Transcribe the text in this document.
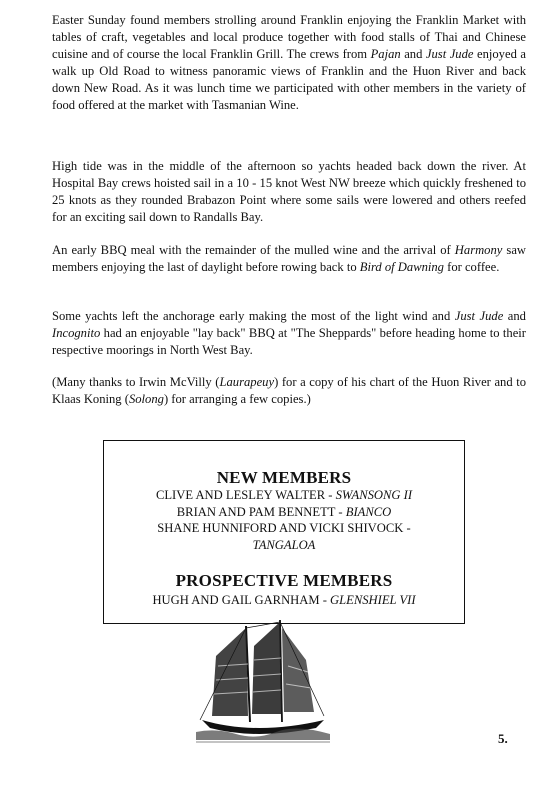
Easter Sunday found members strolling around Franklin enjoying the Franklin Market with tables of craft, vegetables and local produce together with food stalls of Thai and Chinese cuisine and of course the local Franklin Grill. The crews from Pajan and Just Jude enjoyed a walk up Old Road to witness panoramic views of Franklin and the Huon River and back down New Road. As it was lunch time we participated with other members in the variety of food offered at the market with Tasmanian Wine.

High tide was in the middle of the afternoon so yachts headed back down the river. At Hospital Bay crews hoisted sail in a 10 - 15 knot West NW breeze which quickly freshened to 25 knots as they rounded Brabazon Point where some sails were lowered and others reefed for an exciting sail down to Randalls Bay.

An early BBQ meal with the remainder of the mulled wine and the arrival of Harmony saw members enjoying the last of daylight before rowing back to Bird of Dawning for coffee.

Some yachts left the anchorage early making the most of the light wind and Just Jude and Incognito had an enjoyable "lay back" BBQ at "The Sheppards" before heading home to their respective moorings in North West Bay.

(Many thanks to Irwin McVilly (Laurapeuy) for a copy of his chart of the Huon River and to Klaas Koning (Solong) for arranging a few copies.)

NEW MEMBERS
CLIVE AND LESLEY WALTER - SWANSONG II
BRIAN AND PAM BENNETT - BIANCO
SHANE HUNNIFORD AND VICKI SHIVOCK -
TANGALOA
PROSPECTIVE MEMBERS
HUGH AND GAIL GARNHAM - GLENSHIEL VII
5.
